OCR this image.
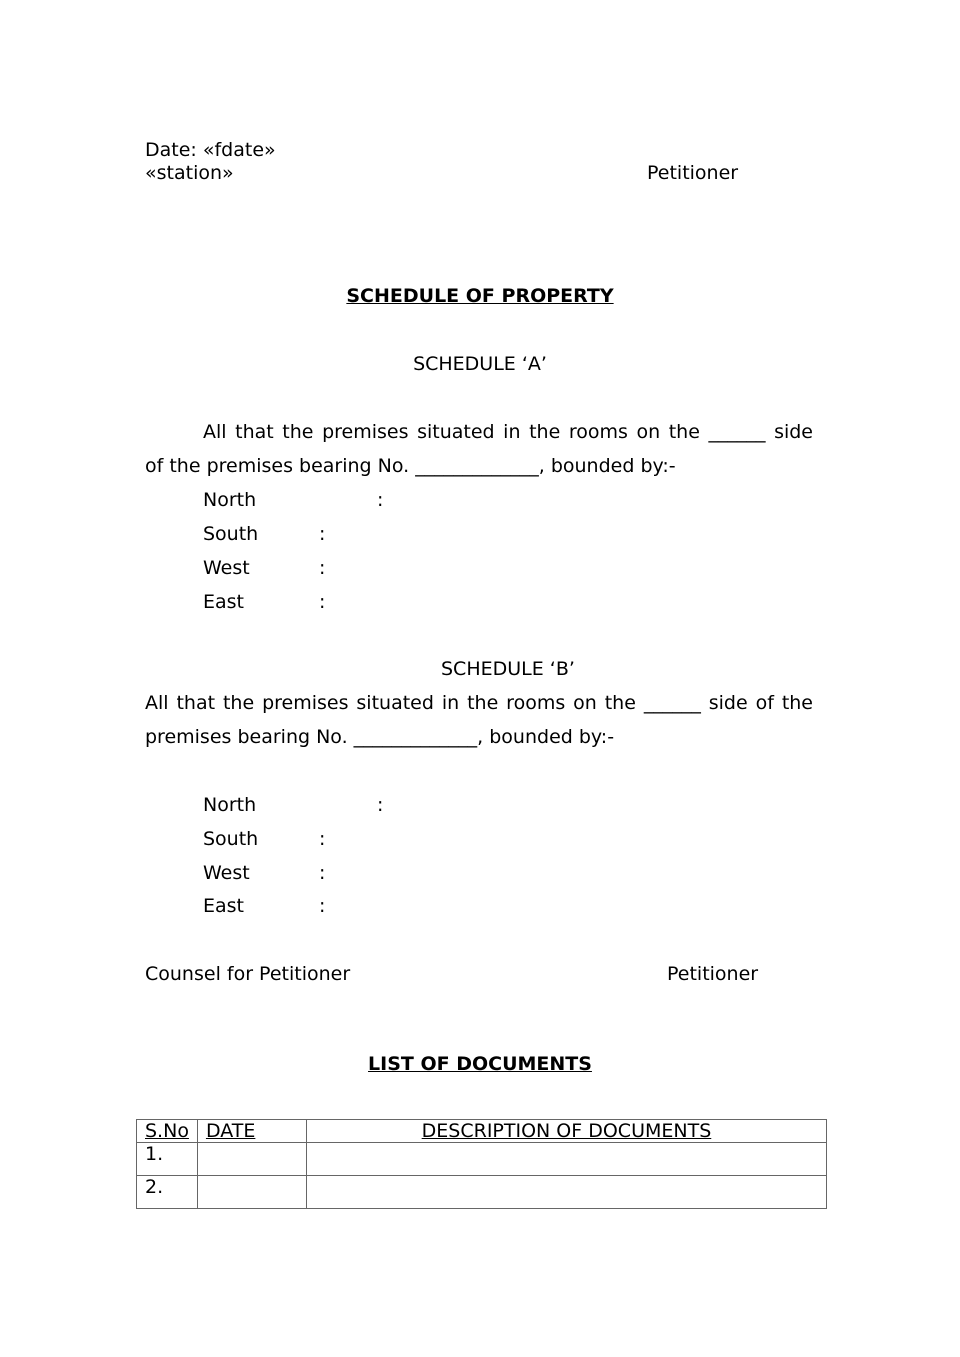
Date: «fdate»
«station»	Petitioner
SCHEDULE OF PROPERTY
SCHEDULE ‘A’
All that the premises situated in the rooms on the ______ side
of the premises bearing No. _____________, bounded by:-
North	:
South	:
West	:
East	:
SCHEDULE ‘B’
All that the premises situated in the rooms on the ______ side of the
premises bearing No. _____________, bounded by:-
North	:
South	:
West	:
East	:
Counsel for Petitioner	Petitioner
LIST OF DOCUMENTS
S.No	DATE	DESCRIPTION OF DOCUMENTS
1.		
2.		
